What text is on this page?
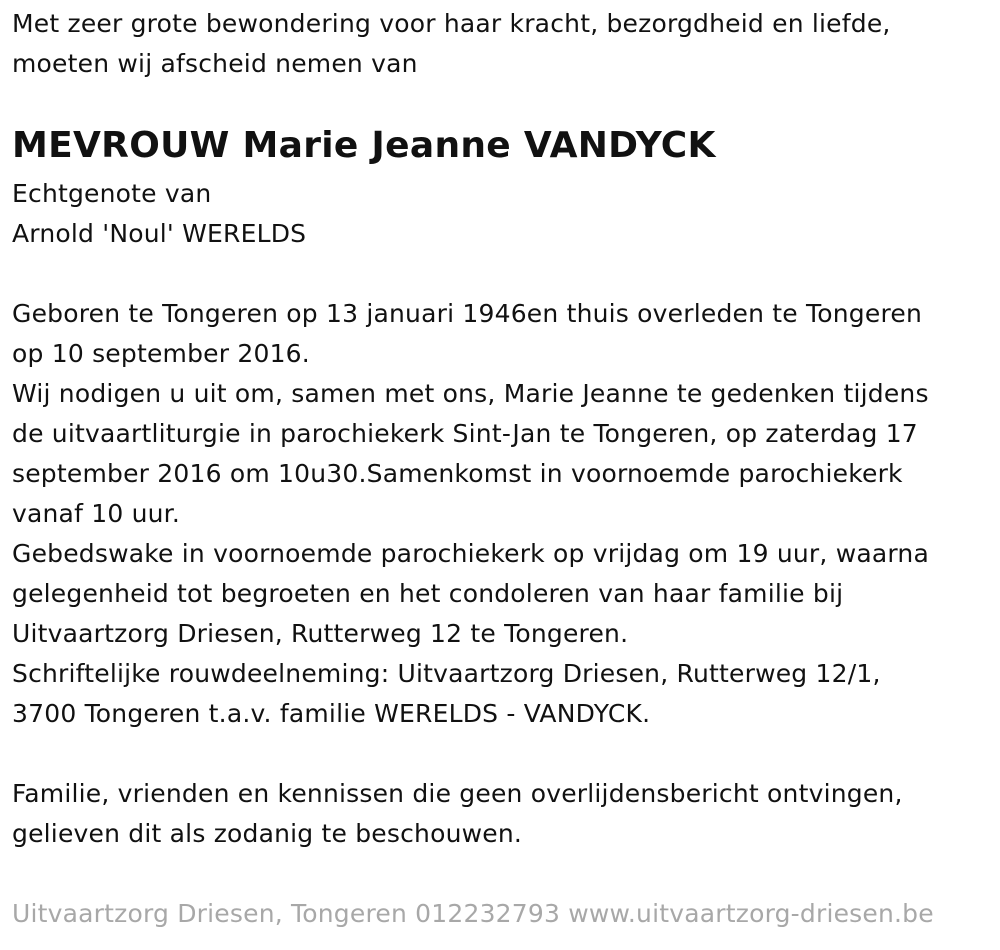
Met zeer grote bewondering voor haar kracht, bezorgdheid en liefde,
moeten wij afscheid nemen van
MEVROUW Marie Jeanne VANDYCK
Echtgenote van
Arnold 'Noul' WERELDS
Geboren te Tongeren op 13 januari 1946en thuis overleden te Tongeren
op 10 september 2016.
Wij nodigen u uit om, samen met ons, Marie Jeanne te gedenken tijdens
de uitvaartliturgie in parochiekerk Sint-Jan te Tongeren, op zaterdag 17
september 2016 om 10u30.Samenkomst in voornoemde parochiekerk
vanaf 10 uur.
Gebedswake in voornoemde parochiekerk op vrijdag om 19 uur, waarna
gelegenheid tot begroeten en het condoleren van haar familie bij
Uitvaartzorg Driesen, Rutterweg 12 te Tongeren.
Schriftelijke rouwdeelneming: Uitvaartzorg Driesen, Rutterweg 12/1,
3700 Tongeren t.a.v. familie WERELDS - VANDYCK.
Familie, vrienden en kennissen die geen overlijdensbericht ontvingen,
gelieven dit als zodanig te beschouwen.
Uitvaartzorg Driesen, Tongeren 012232793 www.uitvaartzorg-driesen.be
